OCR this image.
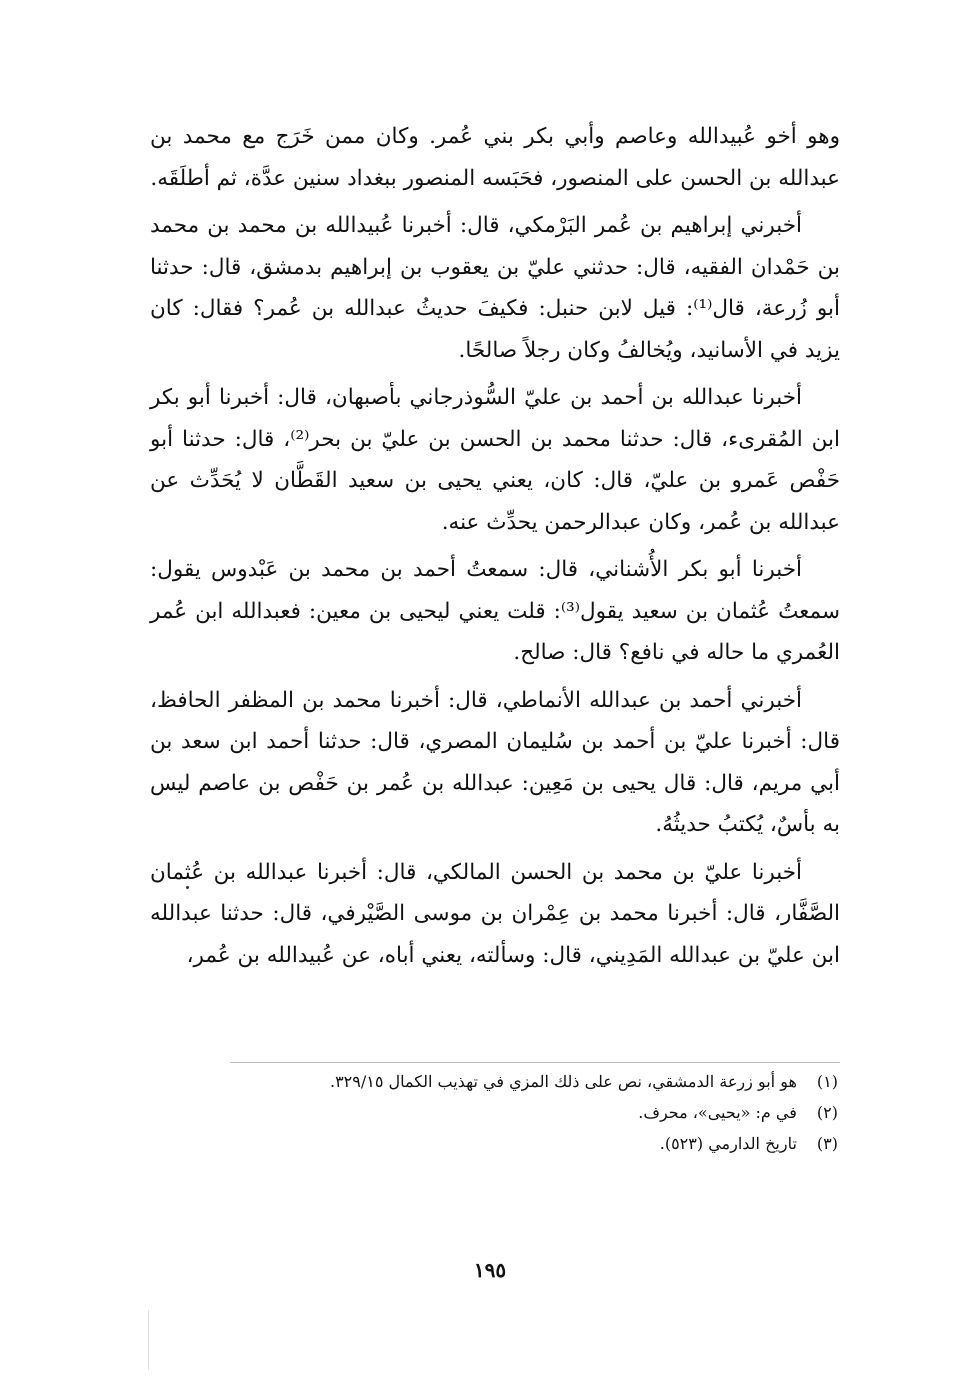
وهو أخو عُبيدالله وعاصم وأبي بكر بني عُمر. وكان ممن خَرَج مع محمد بن عبدالله بن الحسن على المنصور، فحَبَسه المنصور ببغداد سنين عدَّة، ثم أطلَقَه.

أخبرني إبراهيم بن عُمر البَرْمكي، قال: أخبرنا عُبيدالله بن محمد بن محمد بن حَمْدان الفقيه، قال: حدثني عليّ بن يعقوب بن إبراهيم بدمشق، قال: حدثنا أبو زُرعة، قال⁽¹⁾: قيل لابن حنبل: فكيفَ حديثُ عبدالله بن عُمر؟ فقال: كان يزيد في الأسانيد، ويُخالفُ وكان رجلاً صالحًا.

أخبرنا عبدالله بن أحمد بن عليّ السُّوذرجاني بأصبهان، قال: أخبرنا أبو بكر ابن المُقرىء، قال: حدثنا محمد بن الحسن بن عليّ بن بحر⁽²⁾، قال: حدثنا أبو حَفْص عَمرو بن عليّ، قال: كان، يعني يحيى بن سعيد القَطَّان لا يُحَدِّث عن عبدالله بن عُمر، وكان عبدالرحمن يحدِّث عنه.

أخبرنا أبو بكر الأُشناني، قال: سمعتُ أحمد بن محمد بن عَبْدوس يقول: سمعتُ عُثمان بن سعيد يقول⁽³⁾: قلت يعني ليحيى بن معين: فعبدالله ابن عُمر العُمري ما حاله في نافع؟ قال: صالح.

أخبرني أحمد بن عبدالله الأنماطي، قال: أخبرنا محمد بن المظفر الحافظ، قال: أخبرنا عليّ بن أحمد بن سُليمان المصري، قال: حدثنا أحمد ابن سعد بن أبي مريم، قال: قال يحيى بن مَعِين: عبدالله بن عُمر بن حَفْص بن عاصم ليس به بأسٌ، يُكتبُ حديثُهُ.

أخبرنا عليّ بن محمد بن الحسن المالكي، قال: أخبرنا عبدالله بن عُثمان الصَّفَّار، قال: أخبرنا محمد بن عِمْران بن موسى الصَّيْرفي، قال: حدثنا عبدالله ابن عليّ بن عبدالله المَدِيني، قال: وسألته، يعني أباه، عن عُبيدالله بن عُمر،

(١) هو أبو زرعة الدمشقي، نص على ذلك المزي في تهذيب الكمال ٣٢٩/١٥.

(٢) في م: «يحيى»، محرف.

(٣) تاريخ الدارمي (٥٢٣).

١٩٥
